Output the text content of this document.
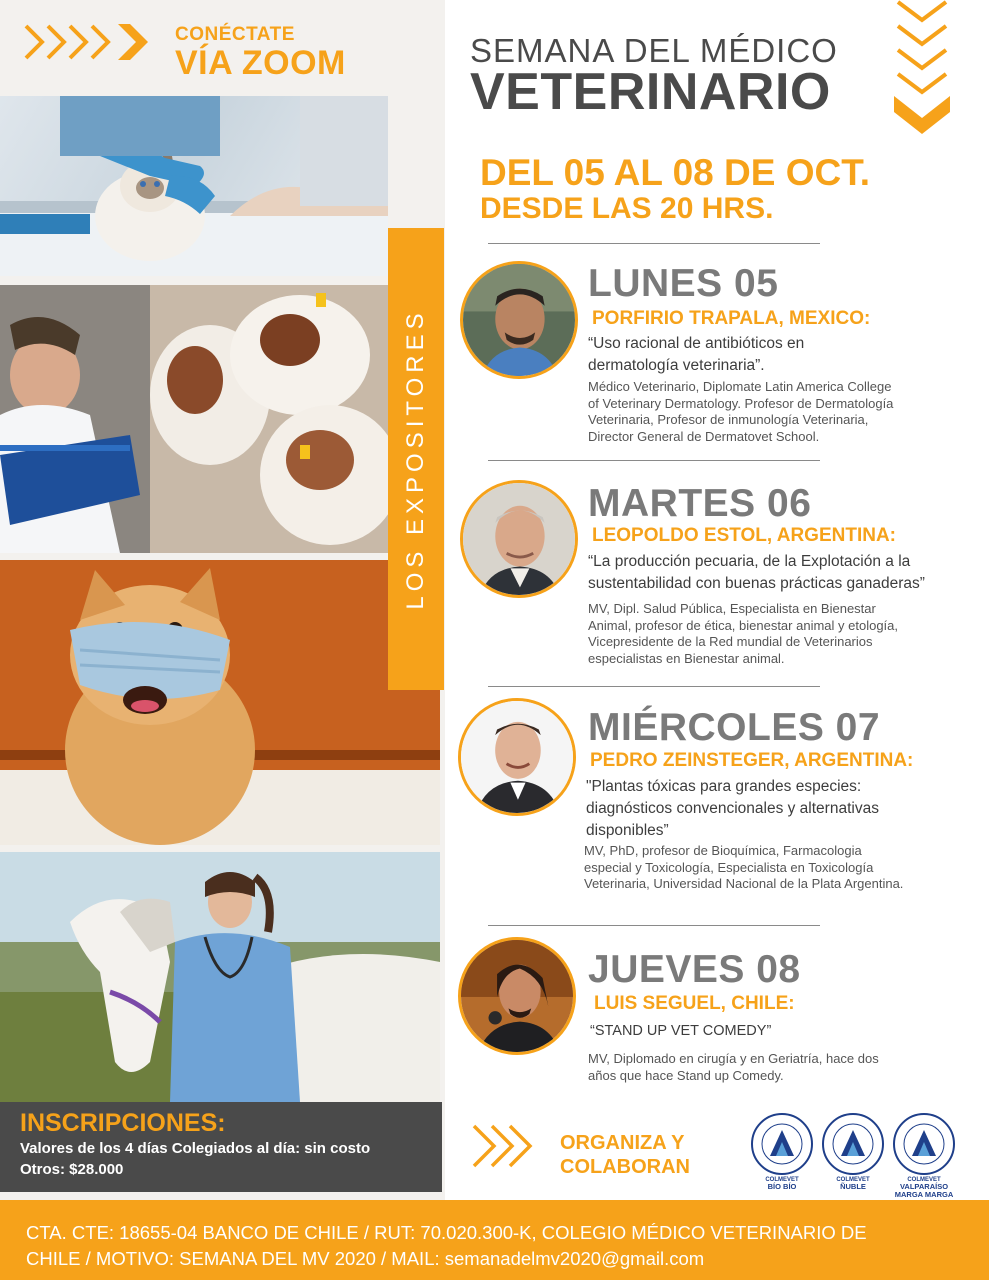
CONÉCTATE
VÍA ZOOM
LOS EXPOSITORES
INSCRIPCIONES:
Valores de los 4 días Colegiados al día: sin costo
Otros: $28.000
SEMANA DEL MÉDICO
VETERINARIO
DEL 05 AL 08 DE OCT.
DESDE LAS 20 HRS.
LUNES 05
PORFIRIO TRAPALA, MEXICO:
“Uso racional de antibióticos en
dermatología veterinaria”.
Médico Veterinario, Diplomate Latin America College
of Veterinary Dermatology. Profesor de Dermatología
Veterinaria, Profesor de inmunología Veterinaria,
Director General de Dermatovet School.
MARTES 06
LEOPOLDO ESTOL, ARGENTINA:
“La producción pecuaria, de la Explotación a la
sustentabilidad con buenas prácticas ganaderas”
MV, Dipl. Salud Pública, Especialista en Bienestar
Animal, profesor de ética, bienestar animal y etología,
Vicepresidente de la Red mundial de Veterinarios
especialistas en Bienestar animal.
MIÉRCOLES 07
PEDRO ZEINSTEGER, ARGENTINA:
"Plantas tóxicas para grandes especies:
diagnósticos convencionales y alternativas
disponibles”
MV, PhD, profesor de Bioquímica, Farmacologia
especial y Toxicología, Especialista en Toxicología
Veterinaria, Universidad Nacional de la Plata Argentina.
JUEVES 08
LUIS SEGUEL, CHILE:
“STAND UP VET COMEDY”
MV, Diplomado en cirugía y en Geriatría, hace dos
años que hace Stand up Comedy.
ORGANIZA Y
COLABORAN
COLMEVET
BÍO BÍO
COLMEVET
ÑUBLE
COLMEVET
VALPARAÍSO
MARGA MARGA
CTA. CTE: 18655-04 BANCO DE CHILE / RUT: 70.020.300-K, COLEGIO MÉDICO VETERINARIO DE
CHILE / MOTIVO: SEMANA DEL MV 2020 / MAIL: semanadelmv2020@gmail.com
